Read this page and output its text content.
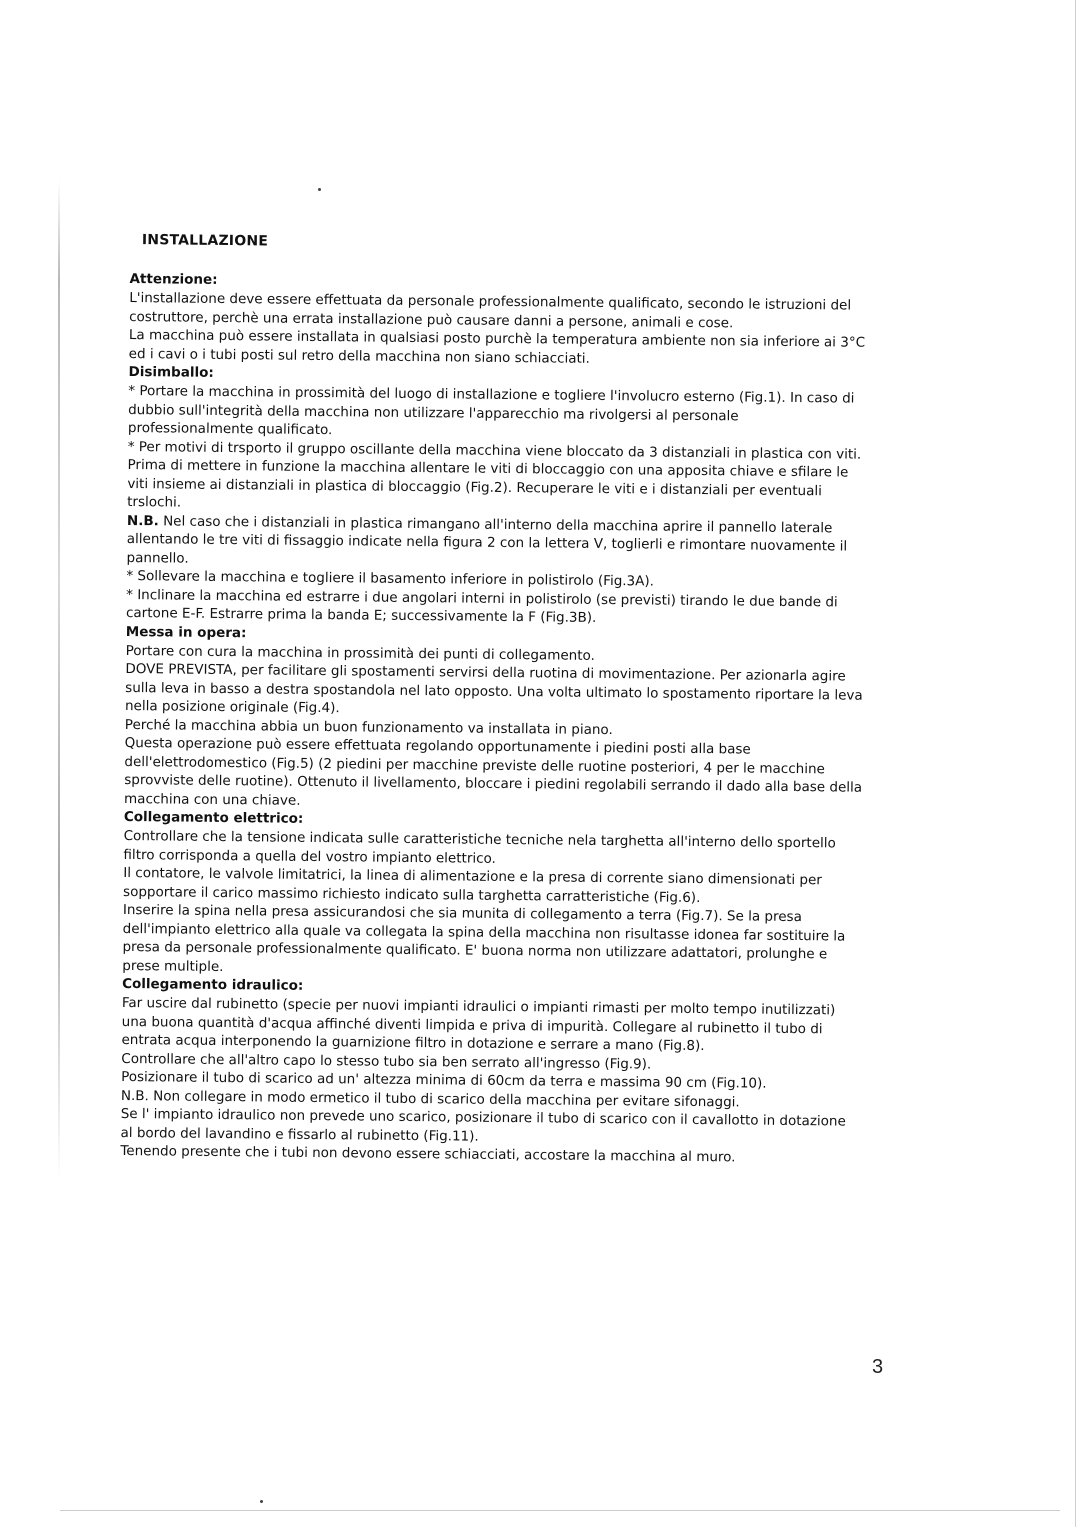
INSTALLAZIONE
Attenzione:

L'installazione deve essere effettuata da personale professionalmente qualificato, secondo le istruzioni del costruttore, perchè una errata installazione può causare danni a persone, animali e cose.

La macchina può essere installata in qualsiasi posto purchè la temperatura ambiente non sia inferiore ai 3°C ed i cavi o i tubi posti sul retro della macchina non siano schiacciati.

Disimballo:

* Portare la macchina in prossimità del luogo di installazione e togliere l'involucro esterno (Fig.1). In caso di dubbio sull'integrità della macchina non utilizzare l'apparecchio ma rivolgersi al personale professionalmente qualificato.

* Per motivi di trsporto il gruppo oscillante della macchina viene bloccato da 3 distanziali in plastica con viti. Prima di mettere in funzione la macchina allentare le viti di bloccaggio con una apposita chiave e sfilare le viti insieme ai distanziali in plastica di bloccaggio (Fig.2). Recuperare le viti e i distanziali per eventuali trslochi.

N.B. Nel caso che i distanziali in plastica rimangano all'interno della macchina aprire il pannello laterale allentando le tre viti di fissaggio indicate nella figura 2 con la lettera V, toglierli e rimontare nuovamente il pannello.

* Sollevare la macchina e togliere il basamento inferiore in polistirolo (Fig.3A).

* Inclinare la macchina ed estrarre i due angolari interni in polistirolo (se previsti) tirando le due bande di cartone E-F. Estrarre prima la banda E; successivamente la F (Fig.3B).

Messa in opera:

Portare con cura la macchina in prossimità dei punti di collegamento.

DOVE PREVISTA, per facilitare gli spostamenti servirsi della ruotina di movimentazione. Per azionarla agire sulla leva in basso a destra spostandola nel lato opposto. Una volta ultimato lo spostamento riportare la leva nella posizione originale (Fig.4).

Perché la macchina abbia un buon funzionamento va installata in piano.

Questa operazione può essere effettuata regolando opportunamente i piedini posti alla base dell'elettrodomestico (Fig.5) (2 piedini per macchine previste delle ruotine posteriori, 4 per le macchine sprovviste delle ruotine). Ottenuto il livellamento, bloccare i piedini regolabili serrando il dado alla base della macchina con una chiave.

Collegamento elettrico:

Controllare che la tensione indicata sulle caratteristiche tecniche nela targhetta all'interno dello sportello filtro corrisponda a quella del vostro impianto elettrico.

Il contatore, le valvole limitatrici, la linea di alimentazione e la presa di corrente siano dimensionati per sopportare il carico massimo richiesto indicato sulla targhetta carratteristiche (Fig.6).

Inserire la spina nella presa assicurandosi che sia munita di collegamento a terra (Fig.7). Se la presa dell'impianto elettrico alla quale va collegata la spina della macchina non risultasse idonea far sostituire la presa da personale professionalmente qualificato. E' buona norma non utilizzare adattatori, prolunghe e prese multiple.

Collegamento idraulico:

Far uscire dal rubinetto (specie per nuovi impianti idraulici o impianti rimasti per molto tempo inutilizzati) una buona quantità d'acqua affinché diventi limpida e priva di impurità. Collegare al rubinetto il tubo di entrata acqua interponendo la guarnizione filtro in dotazione e serrare a mano (Fig.8).

Controllare che all'altro capo lo stesso tubo sia ben serrato all'ingresso (Fig.9).

Posizionare il tubo di scarico ad un' altezza minima di 60cm da terra e massima 90 cm (Fig.10).

N.B. Non collegare in modo ermetico il tubo di scarico della macchina per evitare sifonaggi.

Se l' impianto idraulico non prevede uno scarico, posizionare il tubo di scarico con il cavallotto in dotazione al bordo del lavandino e fissarlo al rubinetto (Fig.11).

Tenendo presente che i tubi non devono essere schiacciati, accostare la macchina al muro.

3
